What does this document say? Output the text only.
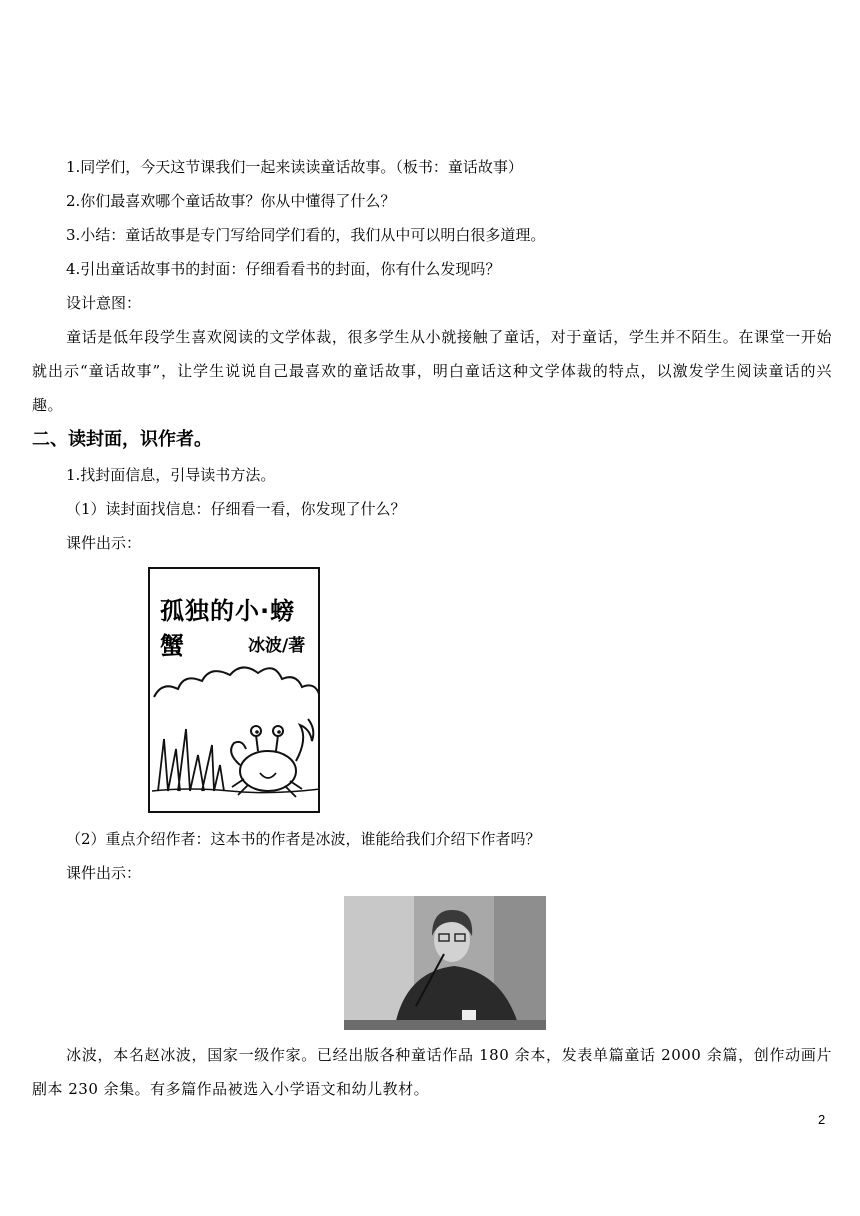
1.同学们，今天这节课我们一起来读读童话故事。（板书：童话故事）
2.你们最喜欢哪个童话故事？你从中懂得了什么？
3.小结：童话故事是专门写给同学们看的，我们从中可以明白很多道理。
4.引出童话故事书的封面：仔细看看书的封面，你有什么发现吗？
设计意图：
童话是低年段学生喜欢阅读的文学体裁，很多学生从小就接触了童话，对于童话，学生并不陌生。在课堂一开始就出示“童话故事”，让学生说说自己最喜欢的童话故事，明白童话这种文学体裁的特点，以激发学生阅读童话的兴趣。
二、读封面，识作者。
1.找封面信息，引导读书方法。
（1）读封面找信息：仔细看一看，你发现了什么？
课件出示：
孤独的小·螃蟹	冰波/著
（2）重点介绍作者：这本书的作者是冰波，谁能给我们介绍下作者吗？
课件出示：
冰波，本名赵冰波，国家一级作家。已经出版各种童话作品 180 余本，发表单篇童话 2000 余篇，创作动画片剧本 230 余集。有多篇作品被选入小学语文和幼儿教材。
2
